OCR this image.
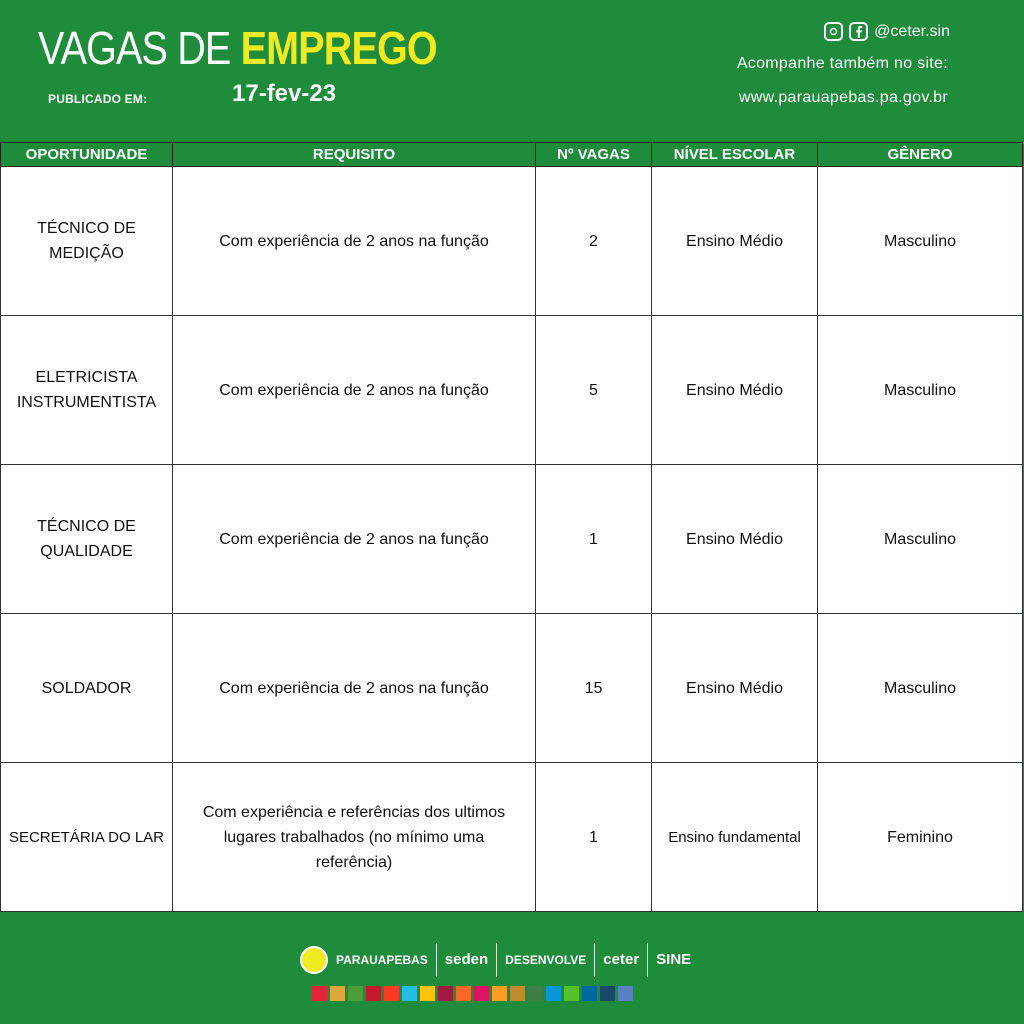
VAGAS DE EMPREGO
PUBLICADO EM:	17-fev-23
@ceter.sin
Acompanhe também no site:
www.parauapebas.pa.gov.br
OPORTUNIDADE	REQUISITO	Nº VAGAS	NÍVEL ESCOLAR	GÊNERO
TÉCNICO DE MEDIÇÃO	Com experiência de 2 anos na função	2	Ensino Médio	Masculino
ELETRICISTA INSTRUMENTISTA	Com experiência de 2 anos na função	5	Ensino Médio	Masculino
TÉCNICO DE QUALIDADE	Com experiência de 2 anos na função	1	Ensino Médio	Masculino
SOLDADOR	Com experiência de 2 anos na função	15	Ensino Médio	Masculino
SECRETÁRIA DO LAR	Com experiência e referências dos ultimos lugares trabalhados (no mínimo uma referência)	1	Ensino fundamental	Feminino
PARAUAPEBAS seden DESENVOLVE ceter SINE
